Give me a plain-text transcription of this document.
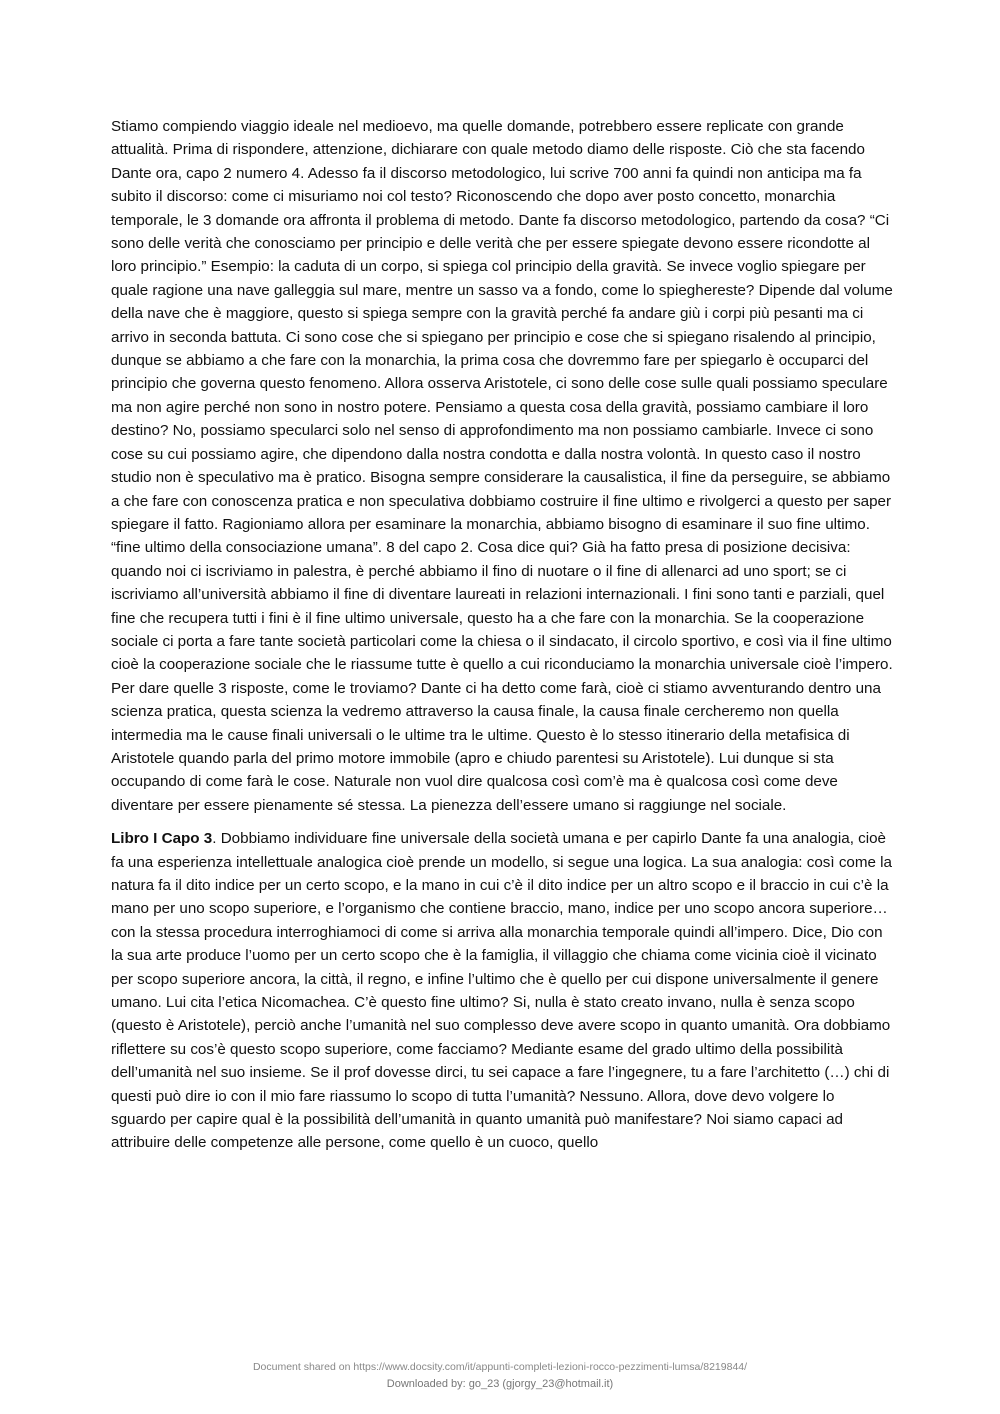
Stiamo compiendo viaggio ideale nel medioevo, ma quelle domande, potrebbero essere replicate con grande attualità. Prima di rispondere, attenzione, dichiarare con quale metodo diamo delle risposte. Ciò che sta facendo Dante ora, capo 2 numero 4. Adesso fa il discorso metodologico, lui scrive 700 anni fa quindi non anticipa ma fa subito il discorso: come ci misuriamo noi col testo? Riconoscendo che dopo aver posto concetto, monarchia temporale, le 3 domande ora affronta il problema di metodo. Dante fa discorso metodologico, partendo da cosa? “Ci sono delle verità che conosciamo per principio e delle verità che per essere spiegate devono essere ricondotte al loro principio.” Esempio: la caduta di un corpo, si spiega col principio della gravità. Se invece voglio spiegare per quale ragione una nave galleggia sul mare, mentre un sasso va a fondo, come lo spieghereste? Dipende dal volume della nave che è maggiore, questo si spiega sempre con la gravità perché fa andare giù i corpi più pesanti ma ci arrivo in seconda battuta. Ci sono cose che si spiegano per principio e cose che si spiegano risalendo al principio, dunque se abbiamo a che fare con la monarchia, la prima cosa che dovremmo fare per spiegarlo è occuparci del principio che governa questo fenomeno. Allora osserva Aristotele, ci sono delle cose sulle quali possiamo speculare ma non agire perché non sono in nostro potere. Pensiamo a questa cosa della gravità, possiamo cambiare il loro destino? No, possiamo specularci solo nel senso di approfondimento ma non possiamo cambiarle. Invece ci sono cose su cui possiamo agire, che dipendono dalla nostra condotta e dalla nostra volontà. In questo caso il nostro studio non è speculativo ma è pratico. Bisogna sempre considerare la causalistica, il fine da perseguire, se abbiamo a che fare con conoscenza pratica e non speculativa dobbiamo costruire il fine ultimo e rivolgerci a questo per saper spiegare il fatto. Ragioniamo allora per esaminare la monarchia, abbiamo bisogno di esaminare il suo fine ultimo. “fine ultimo della consociazione umana”. 8 del capo 2. Cosa dice qui? Già ha fatto presa di posizione decisiva: quando noi ci iscriviamo in palestra, è perché abbiamo il fino di nuotare o il fine di allenarci ad uno sport; se ci iscriviamo all’università abbiamo il fine di diventare laureati in relazioni internazionali. I fini sono tanti e parziali, quel fine che recupera tutti i fini è il fine ultimo universale, questo ha a che fare con la monarchia. Se la cooperazione sociale ci porta a fare tante società particolari come la chiesa o il sindacato, il circolo sportivo, e così via il fine ultimo cioè la cooperazione sociale che le riassume tutte è quello a cui riconduciamo la monarchia universale cioè l’impero. Per dare quelle 3 risposte, come le troviamo? Dante ci ha detto come farà, cioè ci stiamo avventurando dentro una scienza pratica, questa scienza la vedremo attraverso la causa finale, la causa finale cercheremo non quella intermedia ma le cause finali universali o le ultime tra le ultime. Questo è lo stesso itinerario della metafisica di Aristotele quando parla del primo motore immobile (apro e chiudo parentesi su Aristotele). Lui dunque si sta occupando di come farà le cose. Naturale non vuol dire qualcosa così com’è ma è qualcosa così come deve diventare per essere pienamente sé stessa. La pienezza dell’essere umano si raggiunge nel sociale.

Libro I Capo 3. Dobbiamo individuare fine universale della società umana e per capirlo Dante fa una analogia, cioè fa una esperienza intellettuale analogica cioè prende un modello, si segue una logica. La sua analogia: così come la natura fa il dito indice per un certo scopo, e la mano in cui c’è il dito indice per un altro scopo e il braccio in cui c’è la mano per uno scopo superiore, e l’organismo che contiene braccio, mano, indice per uno scopo ancora superiore… con la stessa procedura interroghiamoci di come si arriva alla monarchia temporale quindi all’impero. Dice, Dio con la sua arte produce l’uomo per un certo scopo che è la famiglia, il villaggio che chiama come vicinia cioè il vicinato per scopo superiore ancora, la città, il regno, e infine l’ultimo che è quello per cui dispone universalmente il genere umano. Lui cita l’etica Nicomachea. C’è questo fine ultimo? Si, nulla è stato creato invano, nulla è senza scopo (questo è Aristotele), perciò anche l’umanità nel suo complesso deve avere scopo in quanto umanità. Ora dobbiamo riflettere su cos’è questo scopo superiore, come facciamo? Mediante esame del grado ultimo della possibilità dell’umanità nel suo insieme. Se il prof dovesse dirci, tu sei capace a fare l’ingegnere, tu a fare l’architetto (…) chi di questi può dire io con il mio fare riassumo lo scopo di tutta l’umanità? Nessuno. Allora, dove devo volgere lo sguardo per capire qual è la possibilità dell’umanità in quanto umanità può manifestare? Noi siamo capaci ad attribuire delle competenze alle persone, come quello è un cuoco, quello

Document shared on https://www.docsity.com/it/appunti-completi-lezioni-rocco-pezzimenti-lumsa/8219844/
Downloaded by: go_23 (gjorgy_23@hotmail.it)
